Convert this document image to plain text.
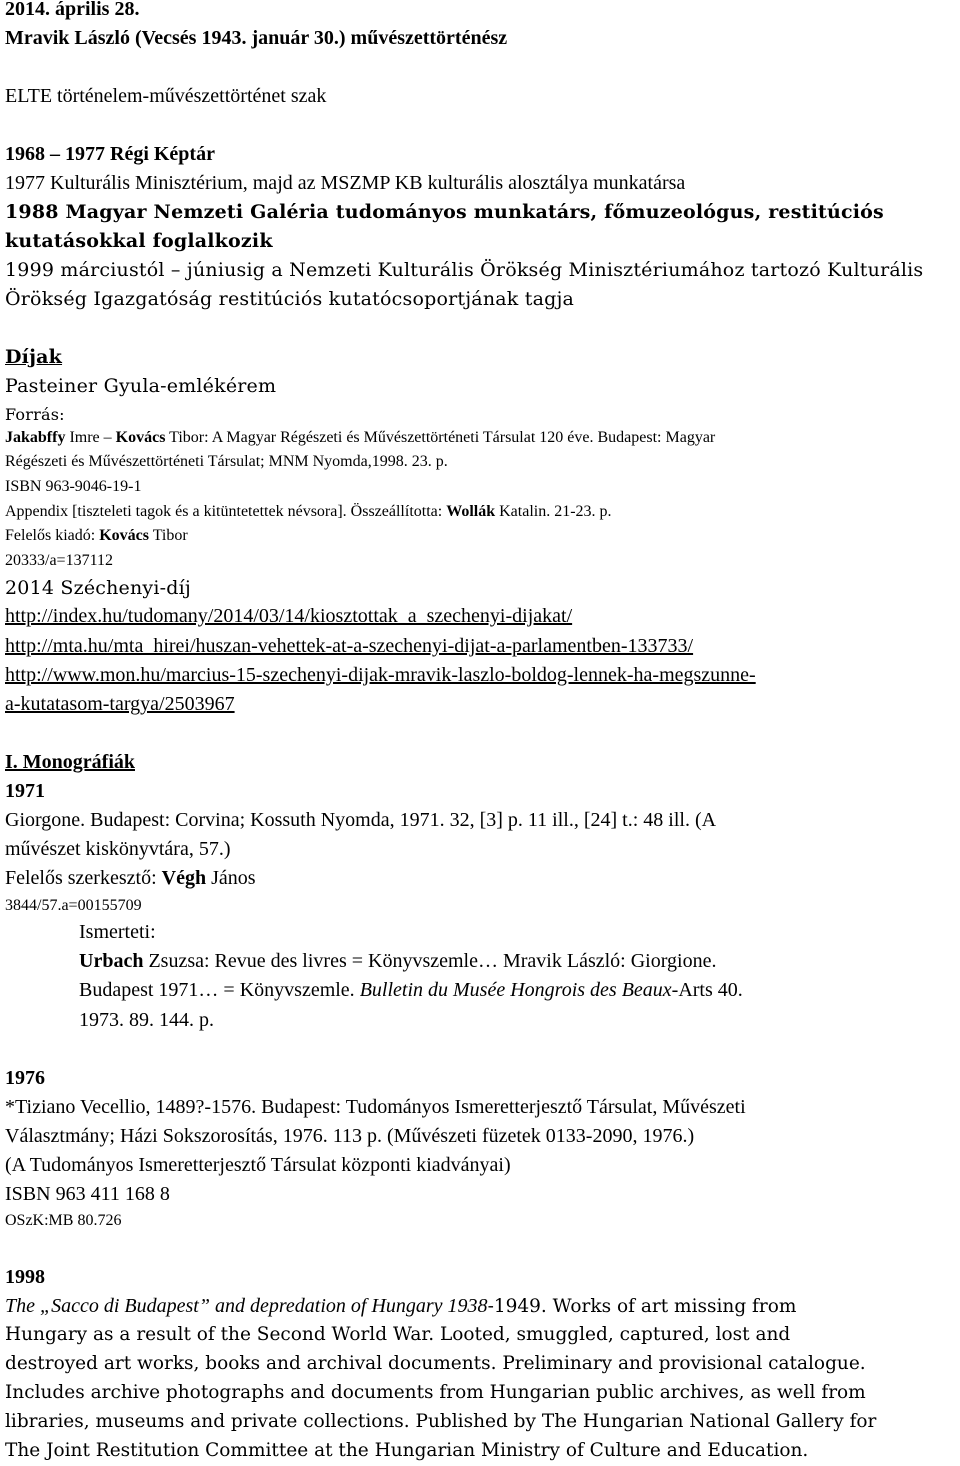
2014. április 28.
Mravik László (Vecsés 1943. január 30.) művészettörténész
ELTE történelem-művészettörténet szak
1968 – 1977 Régi Képtár
1977 Kulturális Minisztérium, majd az MSZMP KB kulturális alosztálya munkatársa
1988 Magyar Nemzeti Galéria tudományos munkatárs, főmuzeológus, restitúciós
kutatásokkal foglalkozik
1999 márciustól – júniusig a Nemzeti Kulturális Örökség Minisztériumához tartozó Kulturális
Örökség Igazgatóság restitúciós kutatócsoportjának tagja
Díjak
Pasteiner Gyula-emlékérem
Forrás:
Jakabffy Imre – Kovács Tibor: A Magyar Régészeti és Művészettörténeti Társulat 120 éve. Budapest: Magyar
Régészeti és Művészettörténeti Társulat; MNM Nyomda,1998. 23. p.
ISBN 963-9046-19-1
Appendix [tiszteleti tagok és a kitüntetettek névsora]. Összeállította: Wollák Katalin. 21-23. p.
Felelős kiadó: Kovács Tibor
20333/a=137112
2014 Széchenyi-díj
http://index.hu/tudomany/2014/03/14/kiosztottak_a_szechenyi-dijakat/
http://mta.hu/mta_hirei/huszan-vehettek-at-a-szechenyi-dijat-a-parlamentben-133733/
http://www.mon.hu/marcius-15-szechenyi-dijak-mravik-laszlo-boldog-lennek-ha-megszunne-
a-kutatasom-targya/2503967
I. Monográfiák
1971
Giorgone. Budapest: Corvina; Kossuth Nyomda, 1971. 32, [3] p. 11 ill., [24] t.: 48 ill. (A
művészet kiskönyvtára, 57.)
Felelős szerkesztő: Végh János
3844/57.a=00155709
Ismerteti:
Urbach Zsuzsa: Revue des livres = Könyvszemle… Mravik László: Giorgione.
Budapest 1971… = Könyvszemle. Bulletin du Musée Hongrois des Beaux-Arts 40.
1973. 89. 144. p.
1976
*Tiziano Vecellio, 1489?-1576. Budapest: Tudományos Ismeretterjesztő Társulat, Művészeti
Választmány; Házi Sokszorosítás, 1976. 113 p. (Művészeti füzetek 0133-2090, 1976.)
(A Tudományos Ismeretterjesztő Társulat központi kiadványai)
ISBN 963 411 168 8
OSzK:MB 80.726
1998
The „Sacco di Budapest” and depredation of Hungary 1938-1949. Works of art missing from
Hungary as a result of the Second World War. Looted, smuggled, captured, lost and
destroyed art works, books and archival documents. Preliminary and provisional catalogue.
Includes archive photographs and documents from Hungarian public archives, as well from
libraries, museums and private collections. Published by The Hungarian National Gallery for
The Joint Restitution Committee at the Hungarian Ministry of Culture and Education.
